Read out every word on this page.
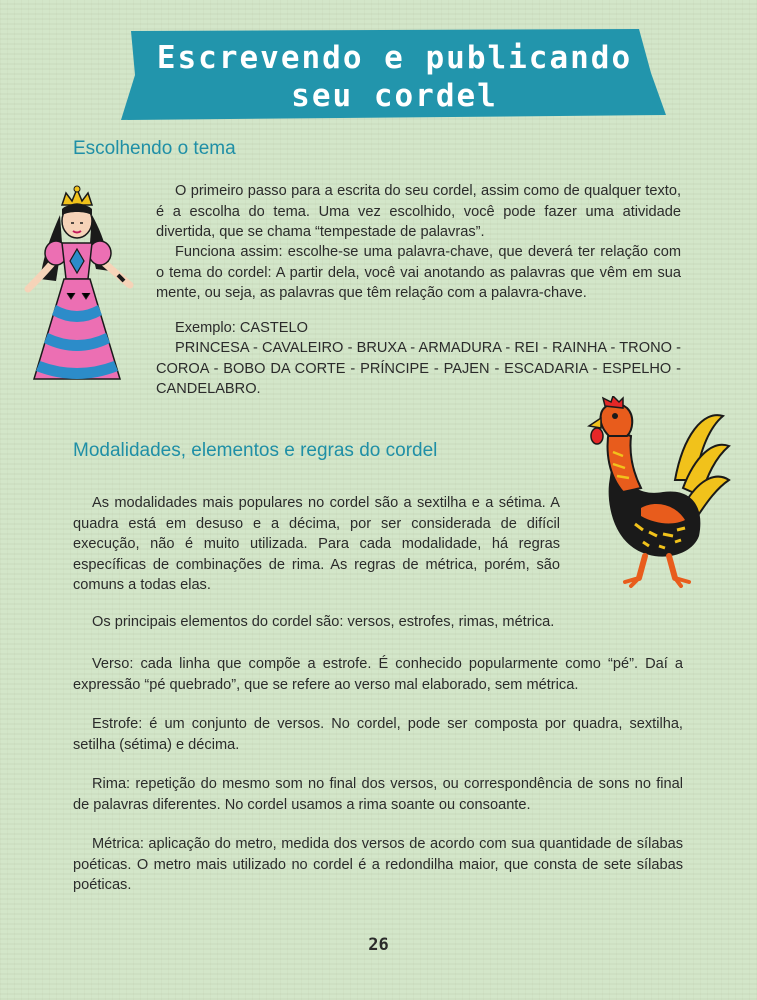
Escrevendo e publicando
seu cordel
Escolhendo o tema
O primeiro passo para a escrita do seu cordel, assim como de qualquer texto, é a escolha do tema. Uma vez escolhido, você pode fazer uma atividade divertida, que se chama “tempestade de palavras”.
Funciona assim: escolhe-se uma palavra-chave, que deverá ter relação com o tema do cordel: A partir dela, você vai anotando as palavras que vêm em sua mente, ou seja, as palavras que têm relação com a palavra-chave.
Exemplo: CASTELO
PRINCESA - CAVALEIRO - BRUXA - ARMADURA - REI - RAINHA - TRONO - COROA - BOBO DA CORTE - PRÍNCIPE - PAJEN - ESCADARIA - ESPELHO - CANDELABRO.
Modalidades, elementos e regras do cordel
As modalidades mais populares no cordel são a sextilha e a sétima. A quadra está em desuso e a décima, por ser considerada de difícil execução, não é muito utilizada. Para cada modalidade, há regras específicas de combinações de rima. As regras de métrica, porém, são comuns a todas elas.
Os principais elementos do cordel são: versos, estrofes, rimas, métrica.
Verso: cada linha que compõe a estrofe. É conhecido popularmente como “pé”. Daí a expressão “pé quebrado”, que se refere ao verso mal elaborado, sem métrica.
Estrofe: é um conjunto de versos. No cordel, pode ser composta por quadra, sextilha, setilha (sétima) e décima.
Rima: repetição do mesmo som no final dos versos, ou correspondência de sons no final de palavras diferentes. No cordel usamos a rima soante ou consoante.
Métrica: aplicação do metro, medida dos versos de acordo com sua quantidade de sílabas poéticas. O metro mais utilizado no cordel é a redondilha maior, que consta de sete sílabas poéticas.
26
